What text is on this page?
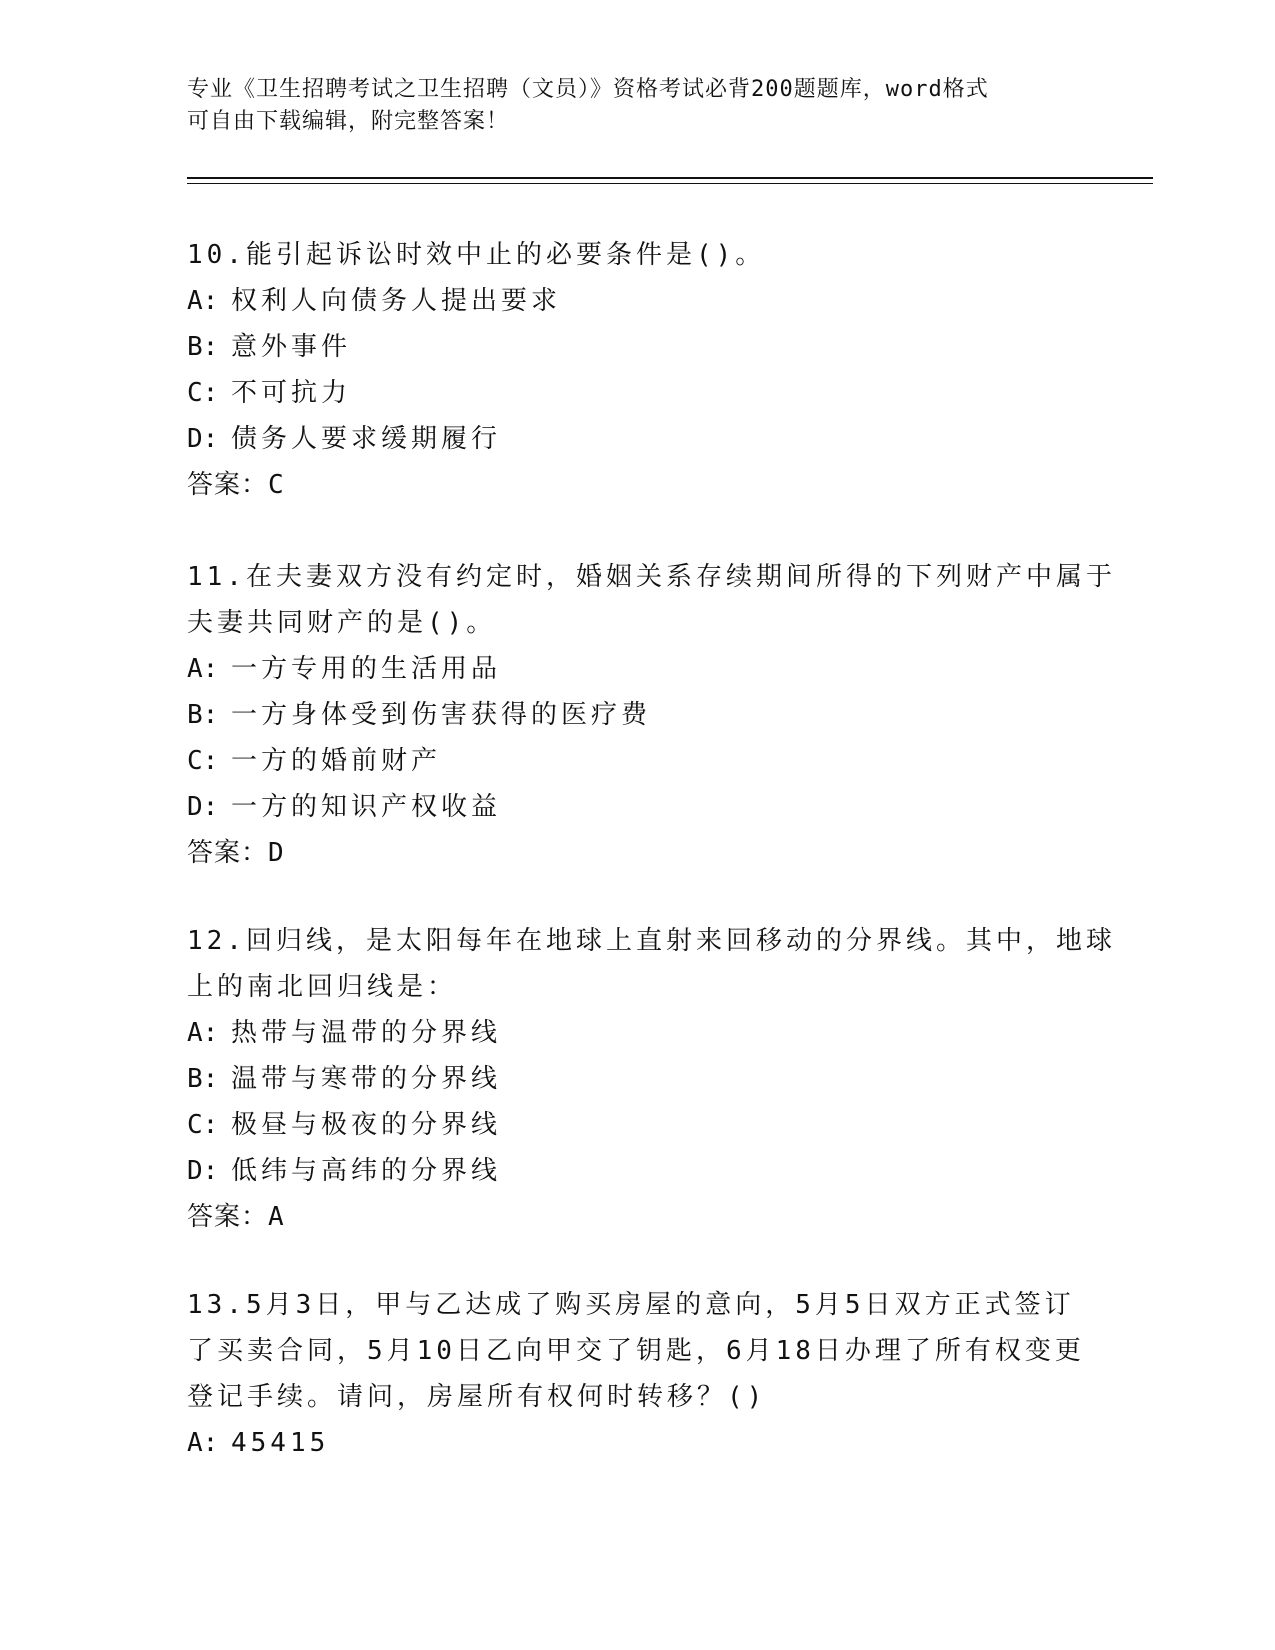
专业《卫生招聘考试之卫生招聘（文员）》资格考试必背200题题库，word格式
可自由下载编辑，附完整答案！
10.能引起诉讼时效中止的必要条件是()。
A: 权利人向债务人提出要求
B: 意外事件
C: 不可抗力
D: 债务人要求缓期履行
答案：C
11.在夫妻双方没有约定时，婚姻关系存续期间所得的下列财产中属于
夫妻共同财产的是()。
A: 一方专用的生活用品
B: 一方身体受到伤害获得的医疗费
C: 一方的婚前财产
D: 一方的知识产权收益
答案：D
12.回归线，是太阳每年在地球上直射来回移动的分界线。其中，地球
上的南北回归线是：
A: 热带与温带的分界线
B: 温带与寒带的分界线
C: 极昼与极夜的分界线
D: 低纬与高纬的分界线
答案：A
13.5月3日，甲与乙达成了购买房屋的意向，5月5日双方正式签订
了买卖合同，5月10日乙向甲交了钥匙，6月18日办理了所有权变更
登记手续。请问，房屋所有权何时转移？()
A: 45415
